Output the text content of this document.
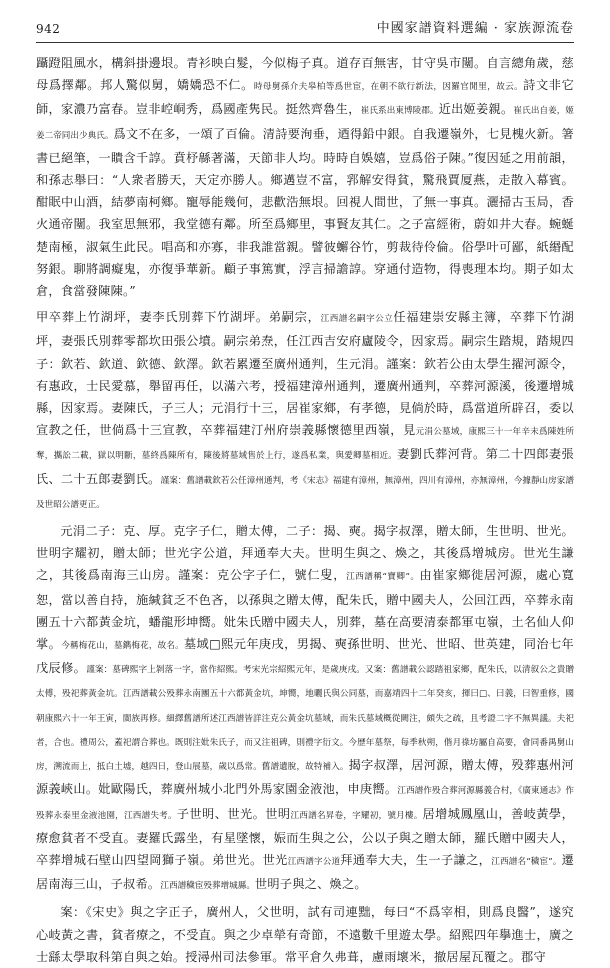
942	中國家譜資料選編 · 家族源流卷

躡蹬阻風水，構斜掛邊垠。青衫映白髮，今似梅子真。道存百無害，甘守吳市闉。自言總角歲，慈母爲擇鄰。邦人驚似舅，嬌嬌恐不仁。時母舅孫介夫皋柏等爲世宦，在朝不欲行新法，因羅官閒里，故云。詩文非它師，家濃乃富春。豈非崆峒秀，爲國產隽民。挺然齊魯生，崔氏系出東博陵郡。近出姬姜親。崔氏出自姜，姬姜二帝同出少典氏。爲文不在多，一頌了百倫。清詩要洵垂，迺得鉛中銀。自我遷嶺外，七見槐火新。箸書已絕筆，一瞶含千諄。賁杼緜著滿，天節非人均。時時自娛嬉，豈爲俗子陳。”復因延之用前韻，和孫志舉曰：“人衆者勝天，天定亦勝人。鄉邁豈不富，郛解安得貧，驚飛賈厦燕，走散入幕賓。酣眠中山酒，結夢南柯鄉。寵辱能幾何，悲歡浩無垠。回視人間世，了無一事真。灑掃古玉局，香火通帝闉。我室思無邪，我堂德有鄰。所至爲鄉里，事賢友其仁。之子富經術，蔚如井大春。蜿蜒楚南極，淑氣生此民。唱高和亦寡，非我誰當親。譬彼蠏谷竹，剪裁待伶倫。俗學叶可鄙，紙緡配努銀。聊將調癡鬼，亦復爭華新。顧子事篤實，浮言掃譫諄。穿通付造物，得喪理本均。期子如太倉，食當發陳陳。”

甲卒葬上竹湖坪，妻李氏別葬下竹湖坪。弟嗣宗，江西譜名嗣字公立任福建崇安縣主簿，卒葬下竹湖坪，妻張氏別葬零都坎田張公墳。嗣宗弟焘，任江西吉安府廬陵令，因家焉。嗣宗生踏規，踏規四子：欽若、欽道、欽德、欽澤。欽若累遷至廣州通判，生元涓。謹案：欽若公由太學生擢河源令，有惠政，士民愛慕，舉留再任，以滿六考，授福建漳州通判，遷廣州通判，卒葬河源溪，後遷增城縣，因家焉。妻陳氏，子三人；元涓行十三，居崔家鄉，有孝德，見倘於時，爲當道所辟召，委以宣教之任，世倘爲十三宣教，卒葬福建汀州府崇義縣懷德里西嶺，見元涓公墓域，康熙三十一年辛未爲陳姓所奪，攜訟二載，獄以明斷，墓終爲陳所有，陳後將墓域售於上行，遂爲私業，與愛卿墓相近。妻劉氏葬河背。第二十四郎妻張氏、二十五郎妻劉氏。謹案：舊譜載欽若公任漳州通判，考《宋志》福建有漳州，無漳州，四川有漳州，亦無漳州，今據靜山房家譜及世昭公譜更正。

元涓二子：克、厚。克字子仁，贈太傅，二子：揭、奭。揭字叔澤，贈太師，生世明、世光。世明字耀初，贈太師；世光字公道，拜通奉大夫。世明生與之、煥之，其後爲增城房。世光生謙之，其後爲南海三山房。謹案：克公字子仁，號仁叟，江西譜稱“寶卿”。由崔家鄉徙居河源，處心寬恕，當以善自持，施緘貧乏不色吝，以孫與之贈太傅，配朱氏，贈中國夫人，公回江西，卒葬永南團五十六都黃金坑，蟠龍形坤嚮。妣朱氏贈中國夫人，別葬，墓在高要清泰都軍屯嶺，土名仙人仰掌。今稱梅花山，墓鐫梅花，故名。墓域□熙元年庚戌，男揭、奭孫世明、世光、世昭、世英建，同治七年戊辰修。謹案：墓碑熙字上剝落一字，當作紹熙。考宋光宗紹熙元年，是歲庚戌。又案：舊譜載公認踏祖家鄉，配朱氏，以清叙公之貴贈太傅，殁祀葬黃金坑。江西譜載公殁葬永南團五十六都黃金坑，坤嚮，地曬氏與公同墓，而嘉靖四十二年癸亥，揮曰□、曰義，曰智重修，國朝康熙六十一年王寅，閩族再修。細繹舊譜所述江西譜皆詳注克公黃金坑墓域，而朱氏墓域概從闕注，頗失之疏，且考證二字不無異議。夫祀者，合也。禮周公，蓋祀謂合葬也。既則注妣朱氏子，而又注祖碑，則禮字衍文。今歷年墓祭，每季秋朔，偕月祿坊屬自高要，會同番禺舅山房，溯流而上，抵白土墟，越四日，登山展墓，歲以爲常。舊譜遺脫，故特補入。揭字叔澤，居河源，贈太傅，殁葬惠州河源義峽山。妣歐陽氏，葬廣州城小北門外馬家園金液池，申庚嚮。江西譜作殁合葬河源縣義合村，《廣東通志》作殁葬永泰里金液池園，江西譜失考。子世明、世光。世明江西譜名昇卷，字耀初，號月樓。居增城鳳凰山，善岐黃學，療愈貧者不受直。妻羅氏露坐，有星墜懷，娠而生與之公，公以子與之贈太師，羅氏贈中國夫人，卒葬增城石壁山四望岡獅子嶺。弟世光。世光江西譜字公道拜通奉大夫，生一子謙之，江西譜名“穢宦”。遷居南海三山，子叔希。江西譜穢宦殁葬增城縣。世明子與之、煥之。

案：《宋史》與之字正子，廣州人，父世明，試有司連黜，每曰“不爲宰相，則爲良醫”，遂究心岐黃之書，貧者療之，不受直。與之少卓犖有奇節，不遠數千里遊太學。紹熙四年擧進士，廣之士繇太學取科第自與之始。授潯州司法參軍。常平倉久弗葺，慮雨壞米，撤居屋瓦覆之。郡守
